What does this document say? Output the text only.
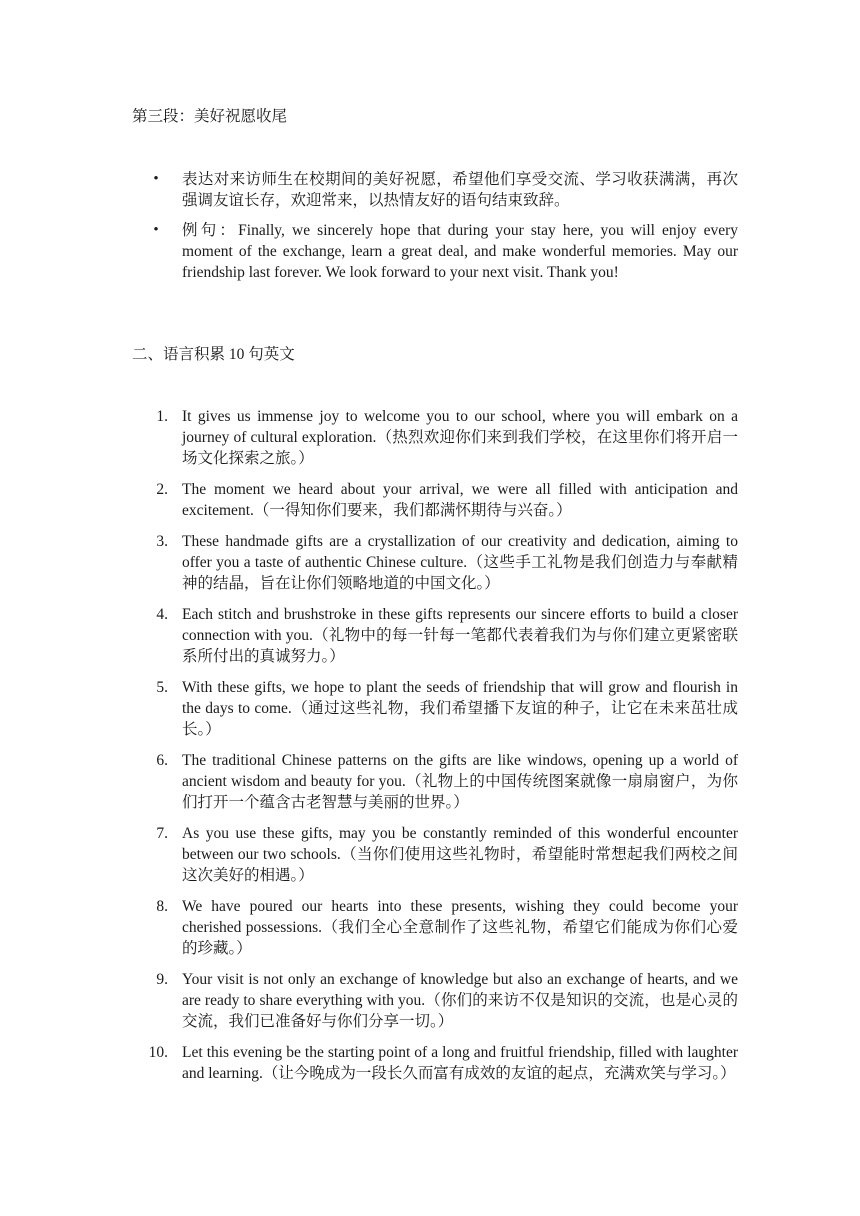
第三段：美好祝愿收尾
• 表达对来访师生在校期间的美好祝愿，希望他们享受交流、学习收获满满，再次强调友谊长存，欢迎常来，以热情友好的语句结束致辞。
• 例句：Finally, we sincerely hope that during your stay here, you will enjoy every moment of the exchange, learn a great deal, and make wonderful memories. May our friendship last forever. We look forward to your next visit. Thank you!
二、语言积累 10 句英文
1. It gives us immense joy to welcome you to our school, where you will embark on a journey of cultural exploration.（热烈欢迎你们来到我们学校，在这里你们将开启一场文化探索之旅。）
2. The moment we heard about your arrival, we were all filled with anticipation and excitement.（一得知你们要来，我们都满怀期待与兴奋。）
3. These handmade gifts are a crystallization of our creativity and dedication, aiming to offer you a taste of authentic Chinese culture.（这些手工礼物是我们创造力与奉献精神的结晶，旨在让你们领略地道的中国文化。）
4. Each stitch and brushstroke in these gifts represents our sincere efforts to build a closer connection with you.（礼物中的每一针每一笔都代表着我们为与你们建立更紧密联系所付出的真诚努力。）
5. With these gifts, we hope to plant the seeds of friendship that will grow and flourish in the days to come.（通过这些礼物，我们希望播下友谊的种子，让它在未来茁壮成长。）
6. The traditional Chinese patterns on the gifts are like windows, opening up a world of ancient wisdom and beauty for you.（礼物上的中国传统图案就像一扇扇窗户，为你们打开一个蕴含古老智慧与美丽的世界。）
7. As you use these gifts, may you be constantly reminded of this wonderful encounter between our two schools.（当你们使用这些礼物时，希望能时常想起我们两校之间这次美好的相遇。）
8. We have poured our hearts into these presents, wishing they could become your cherished possessions.（我们全心全意制作了这些礼物，希望它们能成为你们心爱的珍藏。）
9. Your visit is not only an exchange of knowledge but also an exchange of hearts, and we are ready to share everything with you.（你们的来访不仅是知识的交流，也是心灵的交流，我们已准备好与你们分享一切。）
10. Let this evening be the starting point of a long and fruitful friendship, filled with laughter and learning.（让今晚成为一段长久而富有成效的友谊的起点，充满欢笑与学习。）
